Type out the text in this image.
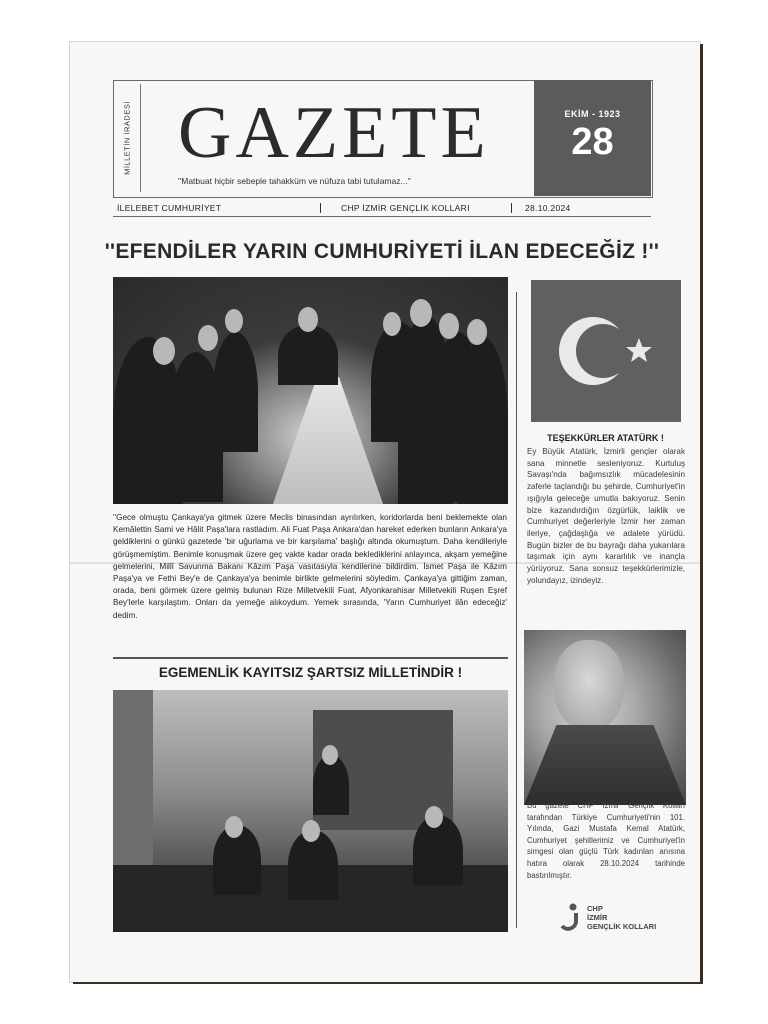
MİLLETİN İRADESİ GAZETE
''Matbuat hiçbir sebeple tahakküm ve nüfuza tabi tutulamaz...''
EKİM - 1923
28
İLELEBET CUMHURİYET	CHP İZMİR GENÇLİK KOLLARI	28.10.2024
''EFENDİLER YARIN CUMHURİYETİ İLAN EDECEĞİZ !''
''Gece olmuştu Çankaya'ya gitmek üzere Meclis binasından ayrılırken, koridorlarda beni beklemekte olan Kemâlettin Sami ve Hâlit Paşa'lara rastladım. Ali Fuat Paşa Ankara'dan hareket ederken bunların Ankara'ya geldiklerini o günkü gazetede 'bir uğurlama ve bir karşılama' başlığı altında okumuştum. Daha kendileriyle görüşmemiştim. Benimle konuşmak üzere geç vakte kadar orada beklediklerini anlayınca, akşam yemeğine gelmelerini, Millî Savunma Bakanı Kâzım Paşa vasıtasıyla kendilerine bildirdim. İsmet Paşa ile Kâzım Paşa'ya ve Fethi Bey'e de Çankaya'ya benimle birlikte gelmelerini söyledim. Çankaya'ya gittiğim zaman, orada, beni görmek üzere gelmiş bulunan Rize Milletvekili Fuat, Afyonkarahisar Milletvekili Ruşen Eşref Bey'lerle karşılaştım. Onları da yemeğe alıkoydum. Yemek sırasında, 'Yarın Cumhuriyet ilân edeceğiz' dedim.
EGEMENLİK KAYITSIZ ŞARTSIZ MİLLETİNDİR !
TEŞEKKÜRLER ATATÜRK !
Ey Büyük Atatürk, İzmirli gençler olarak sana minnetle sesleniyoruz. Kurtuluş Savaşı'nda bağımsızlık mücadelesinin zaferle taçlandığı bu şehirde, Cumhuriyet'in ışığıyla geleceğe umutla bakıyoruz. Senin bize kazandırdığın özgürlük, laiklik ve Cumhuriyet değerleriyle İzmir her zaman ileriye, çağdaşlığa ve adalete yürüdü. Bugün bizler de bu bayrağı daha yukarılara taşımak için aynı kararlılık ve inançla yürüyoruz. Sana sonsuz teşekkürlerimizle, yolundayız, izindeyiz.
Bu gazete CHP İzmir Gençlik Kolları tarafından Türkiye Cumhuriyeti'nin 101. Yılında, Gazi Mustafa Kemal Atatürk, Cumhuriyet şehitlerimiz ve Cumhuriyet'in simgesi olan güçlü Türk kadınları anısına hatıra olarak 28.10.2024 tarihinde bastırılmıştır.
CHP
İZMİR
GENÇLİK KOLLARI
